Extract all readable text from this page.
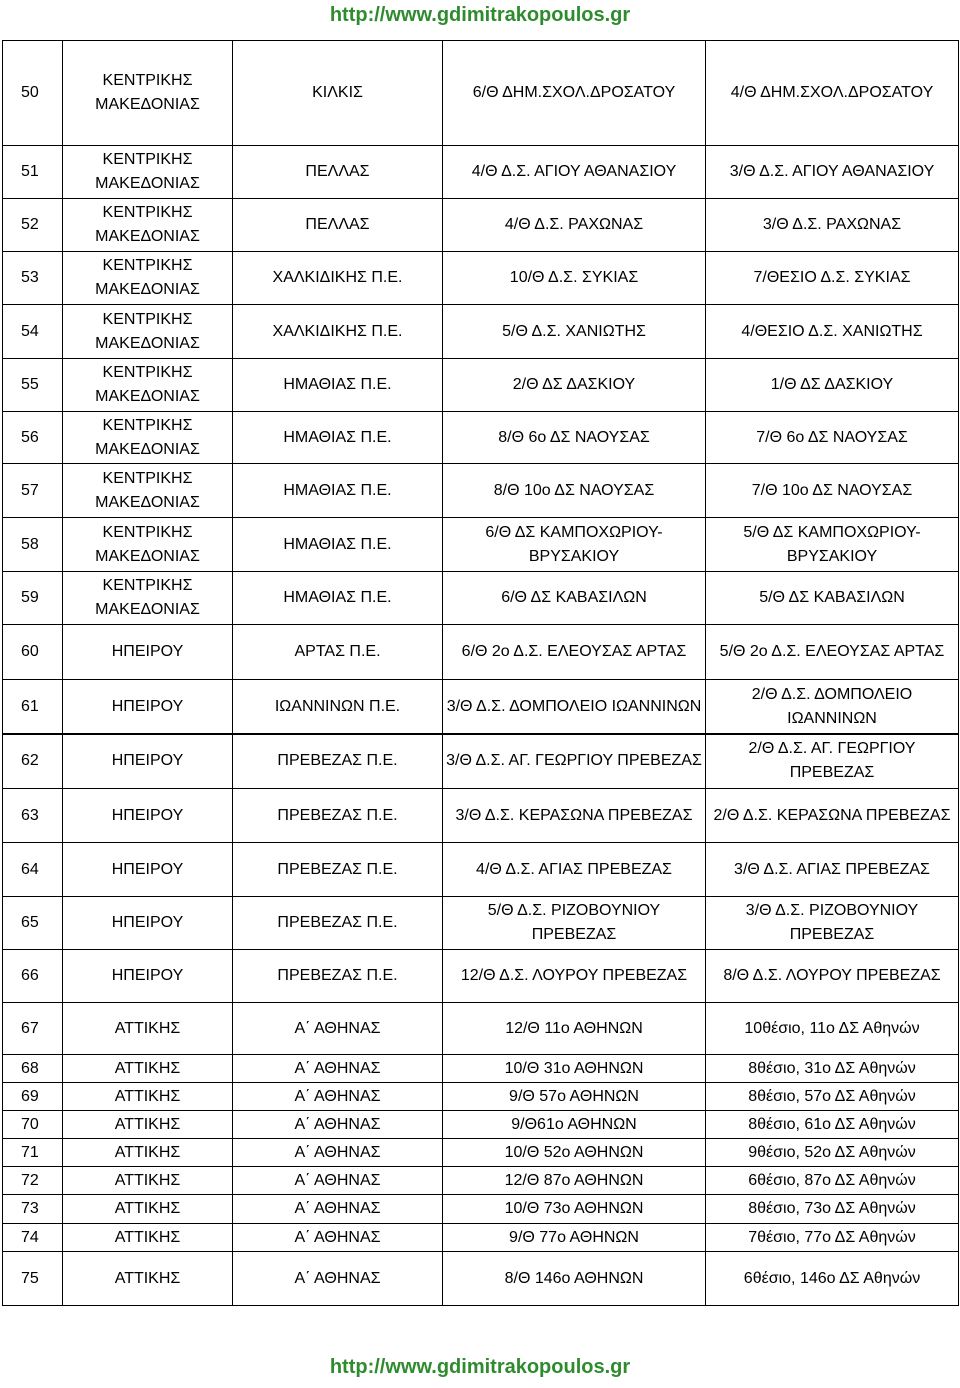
http://www.gdimitrakopoulos.gr
50	ΚΕΝΤΡΙΚΗΣ ΜΑΚΕΔΟΝΙΑΣ	ΚΙΛΚΙΣ	6/Θ ΔΗΜ.ΣΧΟΛ.ΔΡΟΣΑΤΟΥ	4/Θ ΔΗΜ.ΣΧΟΛ.ΔΡΟΣΑΤΟΥ
51	ΚΕΝΤΡΙΚΗΣ ΜΑΚΕΔΟΝΙΑΣ	ΠΕΛΛΑΣ	4/Θ Δ.Σ. ΑΓΙΟΥ ΑΘΑΝΑΣΙΟΥ	3/Θ Δ.Σ. ΑΓΙΟΥ ΑΘΑΝΑΣΙΟΥ
52	ΚΕΝΤΡΙΚΗΣ ΜΑΚΕΔΟΝΙΑΣ	ΠΕΛΛΑΣ	4/Θ Δ.Σ. ΡΑΧΩΝΑΣ	3/Θ Δ.Σ. ΡΑΧΩΝΑΣ
53	ΚΕΝΤΡΙΚΗΣ ΜΑΚΕΔΟΝΙΑΣ	ΧΑΛΚΙΔΙΚΗΣ Π.Ε.	10/Θ Δ.Σ. ΣΥΚΙΑΣ	7/ΘΕΣΙΟ Δ.Σ. ΣΥΚΙΑΣ
54	ΚΕΝΤΡΙΚΗΣ ΜΑΚΕΔΟΝΙΑΣ	ΧΑΛΚΙΔΙΚΗΣ Π.Ε.	5/Θ Δ.Σ. ΧΑΝΙΩΤΗΣ	4/ΘΕΣΙΟ Δ.Σ. ΧΑΝΙΩΤΗΣ
55	ΚΕΝΤΡΙΚΗΣ ΜΑΚΕΔΟΝΙΑΣ	ΗΜΑΘΙΑΣ Π.Ε.	2/Θ ΔΣ ΔΑΣΚΙΟΥ	1/Θ ΔΣ ΔΑΣΚΙΟΥ
56	ΚΕΝΤΡΙΚΗΣ ΜΑΚΕΔΟΝΙΑΣ	ΗΜΑΘΙΑΣ Π.Ε.	8/Θ 6ο ΔΣ ΝΑΟΥΣΑΣ	7/Θ 6ο ΔΣ ΝΑΟΥΣΑΣ
57	ΚΕΝΤΡΙΚΗΣ ΜΑΚΕΔΟΝΙΑΣ	ΗΜΑΘΙΑΣ Π.Ε.	8/Θ 10ο ΔΣ ΝΑΟΥΣΑΣ	7/Θ 10ο ΔΣ ΝΑΟΥΣΑΣ
58	ΚΕΝΤΡΙΚΗΣ ΜΑΚΕΔΟΝΙΑΣ	ΗΜΑΘΙΑΣ Π.Ε.	6/Θ ΔΣ ΚΑΜΠΟΧΩΡΙΟΥ-ΒΡΥΣΑΚΙΟΥ	5/Θ ΔΣ ΚΑΜΠΟΧΩΡΙΟΥ-ΒΡΥΣΑΚΙΟΥ
59	ΚΕΝΤΡΙΚΗΣ ΜΑΚΕΔΟΝΙΑΣ	ΗΜΑΘΙΑΣ Π.Ε.	6/Θ ΔΣ ΚΑΒΑΣΙΛΩΝ	5/Θ ΔΣ ΚΑΒΑΣΙΛΩΝ
60	ΗΠΕΙΡΟΥ	ΑΡΤΑΣ Π.Ε.	6/Θ 2ο Δ.Σ. ΕΛΕΟΥΣΑΣ ΑΡΤΑΣ	5/Θ 2ο Δ.Σ. ΕΛΕΟΥΣΑΣ ΑΡΤΑΣ
61	ΗΠΕΙΡΟΥ	ΙΩΑΝΝΙΝΩΝ Π.Ε.	3/Θ Δ.Σ. ΔΟΜΠΟΛΕΙΟ ΙΩΑΝΝΙΝΩΝ	2/Θ Δ.Σ. ΔΟΜΠΟΛΕΙΟ ΙΩΑΝΝΙΝΩΝ
62	ΗΠΕΙΡΟΥ	ΠΡΕΒΕΖΑΣ Π.Ε.	3/Θ Δ.Σ. ΑΓ. ΓΕΩΡΓΙΟΥ ΠΡΕΒΕΖΑΣ	2/Θ Δ.Σ. ΑΓ. ΓΕΩΡΓΙΟΥ ΠΡΕΒΕΖΑΣ
63	ΗΠΕΙΡΟΥ	ΠΡΕΒΕΖΑΣ Π.Ε.	3/Θ Δ.Σ. ΚΕΡΑΣΩΝΑ ΠΡΕΒΕΖΑΣ	2/Θ Δ.Σ. ΚΕΡΑΣΩΝΑ ΠΡΕΒΕΖΑΣ
64	ΗΠΕΙΡΟΥ	ΠΡΕΒΕΖΑΣ Π.Ε.	4/Θ Δ.Σ. ΑΓΙΑΣ ΠΡΕΒΕΖΑΣ	3/Θ Δ.Σ. ΑΓΙΑΣ ΠΡΕΒΕΖΑΣ
65	ΗΠΕΙΡΟΥ	ΠΡΕΒΕΖΑΣ Π.Ε.	5/Θ Δ.Σ. ΡΙΖΟΒΟΥΝΙΟΥ ΠΡΕΒΕΖΑΣ	3/Θ Δ.Σ. ΡΙΖΟΒΟΥΝΙΟΥ ΠΡΕΒΕΖΑΣ
66	ΗΠΕΙΡΟΥ	ΠΡΕΒΕΖΑΣ Π.Ε.	12/Θ Δ.Σ. ΛΟΥΡΟΥ ΠΡΕΒΕΖΑΣ	8/Θ Δ.Σ. ΛΟΥΡΟΥ ΠΡΕΒΕΖΑΣ
67	ΑΤΤΙΚΗΣ	Α΄ ΑΘΗΝΑΣ	12/Θ 11ο ΑΘΗΝΩΝ	10θέσιο, 11ο ΔΣ Αθηνών
68	ΑΤΤΙΚΗΣ	Α΄ ΑΘΗΝΑΣ	10/Θ 31ο ΑΘΗΝΩΝ	8θέσιο, 31ο ΔΣ Αθηνών
69	ΑΤΤΙΚΗΣ	Α΄ ΑΘΗΝΑΣ	9/Θ 57ο ΑΘΗΝΩΝ	8θέσιο, 57ο ΔΣ Αθηνών
70	ΑΤΤΙΚΗΣ	Α΄ ΑΘΗΝΑΣ	9/Θ61ο ΑΘΗΝΩΝ	8θέσιο, 61ο ΔΣ Αθηνών
71	ΑΤΤΙΚΗΣ	Α΄ ΑΘΗΝΑΣ	10/Θ 52ο ΑΘΗΝΩΝ	9θέσιο, 52ο ΔΣ Αθηνών
72	ΑΤΤΙΚΗΣ	Α΄ ΑΘΗΝΑΣ	12/Θ 87ο ΑΘΗΝΩΝ	6θέσιο, 87ο ΔΣ Αθηνών
73	ΑΤΤΙΚΗΣ	Α΄ ΑΘΗΝΑΣ	10/Θ 73ο ΑΘΗΝΩΝ	8θέσιο, 73ο ΔΣ Αθηνών
74	ΑΤΤΙΚΗΣ	Α΄ ΑΘΗΝΑΣ	9/Θ 77ο ΑΘΗΝΩΝ	7θέσιο, 77ο ΔΣ Αθηνών
75	ΑΤΤΙΚΗΣ	Α΄ ΑΘΗΝΑΣ	8/Θ 146ο ΑΘΗΝΩΝ	6θέσιο, 146ο ΔΣ Αθηνών
http://www.gdimitrakopoulos.gr
